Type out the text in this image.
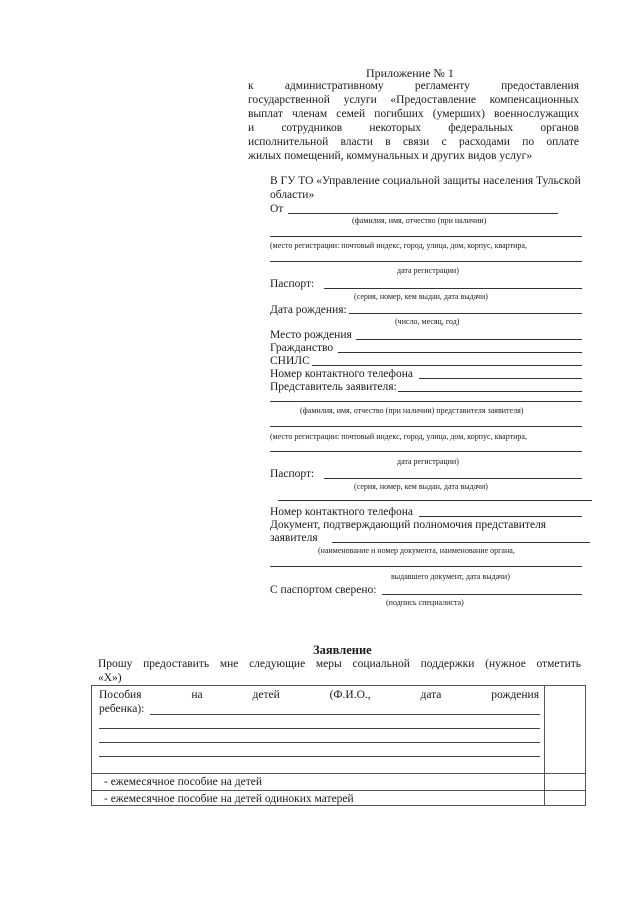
Приложение № 1
к административному регламенту предоставления
государственной услуги «Предоставление компенсационных
выплат членам семей погибших (умерших) военнослужащих
и сотрудников некоторых федеральных органов
исполнительной власти в связи с расходами по оплате
жилых помещений, коммунальных и других видов услуг»
В ГУ ТО «Управление социальной защиты населения Тульской
области»
От
(фамилия, имя, отчество (при наличии)
(место регистрации: почтовый индекс, город, улица, дом, корпус, квартира,
дата регистрации)
Паспорт:
(серия, номер, кем выдан, дата выдачи)
Дата рождения:
(число, месяц, год)
Место рождения
Гражданство
СНИЛС
Номер контактного телефона
Представитель заявителя:
(фамилия, имя, отчество (при наличии) представителя заявителя)
(место регистрации: почтовый индекс, город, улица, дом, корпус, квартира,
дата регистрации)
Паспорт:
(серия, номер, кем выдан, дата выдачи)
Номер контактного телефона
Документ, подтверждающий полномочия представителя
заявителя
(наименование и номер документа, наименование органа,
выдавшего документ, дата выдачи)
С паспортом сверено:
(подпись специалиста)
Заявление
Прошу предоставить мне следующие меры социальной поддержки (нужное отметить
«Х»)
Пособия на детей (Ф.И.О., дата рождения
ребенка):
- ежемесячное пособие на детей
- ежемесячное пособие на детей одиноких матерей
